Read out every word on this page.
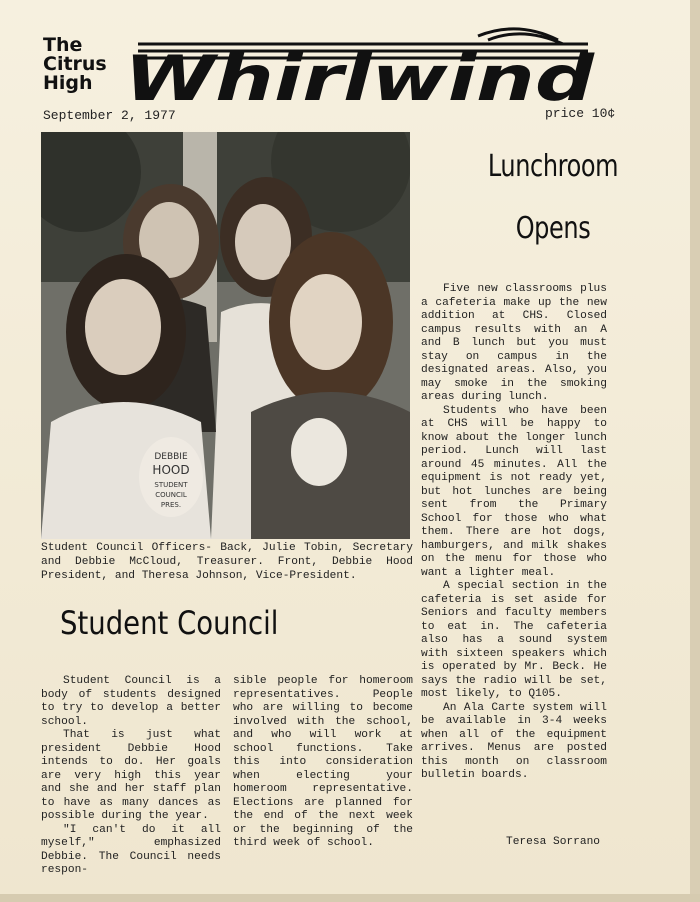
The
Citrus
High Whirlwind
September 2, 1977	price 10¢
DEBBIE
HOOD
STUDENT
COUNCIL
PRES.
Student Council Officers- Back, Julie Tobin, Secretary and Debbie McCloud, Treasurer. Front, Debbie Hood President, and Theresa Johnson, Vice-President.
Lunchroom
Opens

Five new classrooms plus a cafeteria make up the new addition at CHS. Closed campus results with an A and B lunch but you must stay on campus in the designated areas. Also, you may smoke in the smoking areas during lunch.

Students who have been at CHS will be happy to know about the longer lunch period. Lunch will last around 45 minutes. All the equipment is not ready yet, but hot lunches are being sent from the Primary School for those who what them. There are hot dogs, hamburgers, and milk shakes on the menu for those who want a lighter meal.

A special section in the cafeteria is set aside for Seniors and faculty members to eat in. The cafeteria also has a sound system with sixteen speakers which is operated by Mr. Beck. He says the radio will be set, most likely, to Q105.

An Ala Carte system will be available in 3-4 weeks when all of the equipment arrives. Menus are posted this month on classroom bulletin boards.

Teresa Sorrano
Student Council

Student Council is a body of students designed to try to develop a better school.

That is just what president Debbie Hood intends to do. Her goals are very high this year and she and her staff plan to have as many dances as possible during the year.

"I can't do it all myself," emphasized Debbie. The Council needs respon-

sible people for homeroom representatives. People who are willing to become involved with the school, and who will work at school functions. Take this into consideration when electing your homeroom representative. Elections are planned for the end of the next week or the beginning of the third week of school.
